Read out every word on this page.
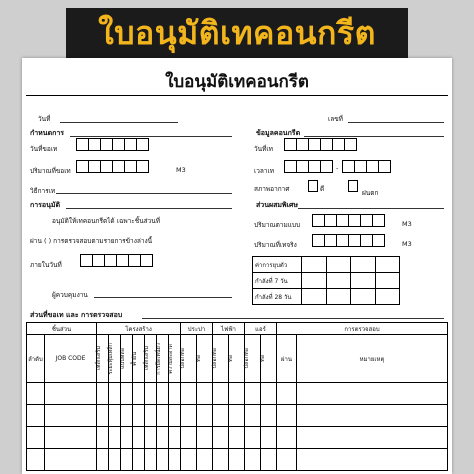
ใบอนุมัติเทคอนกรีต
ใบอนุมัติเทคอนกรีต
วันที่	เลขที่
กำหนดการ
วันที่ขอเท
ปริมาณที่ขอเท	M3
วิธีการเท
ข้อมูลคอนกรีต
วันที่เท
เวลาเท	-
สภาพอากาศ	ดี	ฝนตก
การอนุมัติ
อนุมัติให้เทคอนกรีตได้ เฉพาะชิ้นส่วนที่
ผ่าน ( ) การตรวจสอบตามรายการข้างล่างนี้
ภายในวันที่
ผู้ควบคุมงาน
ส่วนผสมพิเศษ
ปริมาณตามแบบ	M3
ปริมาณที่เทจริง	M3
ค่าการยุบตัว				
กำลังที่ 7 วัน				
กำลังที่ 28 วัน				
ส่วนที่ขอเท และ การตรวจสอบ
ชิ้นส่วน		โครงสร้าง							ประปา		ไฟฟ้า		แอร์		การตรวจสอบ	
ลำดับ	JOB CODE	เหล็กเสริม	ระยะหุ้มเหล็ก	แบบหล่อ	ค้ำยัน	เหล็กเสริม	การยึดเหนี่ยว	ความสะอาด	ปลอกท่อ	ท่อ	ปลอกท่อ	ท่อ	ปลอกท่อ	ท่อ	ผ่าน	หมายเหตุ
